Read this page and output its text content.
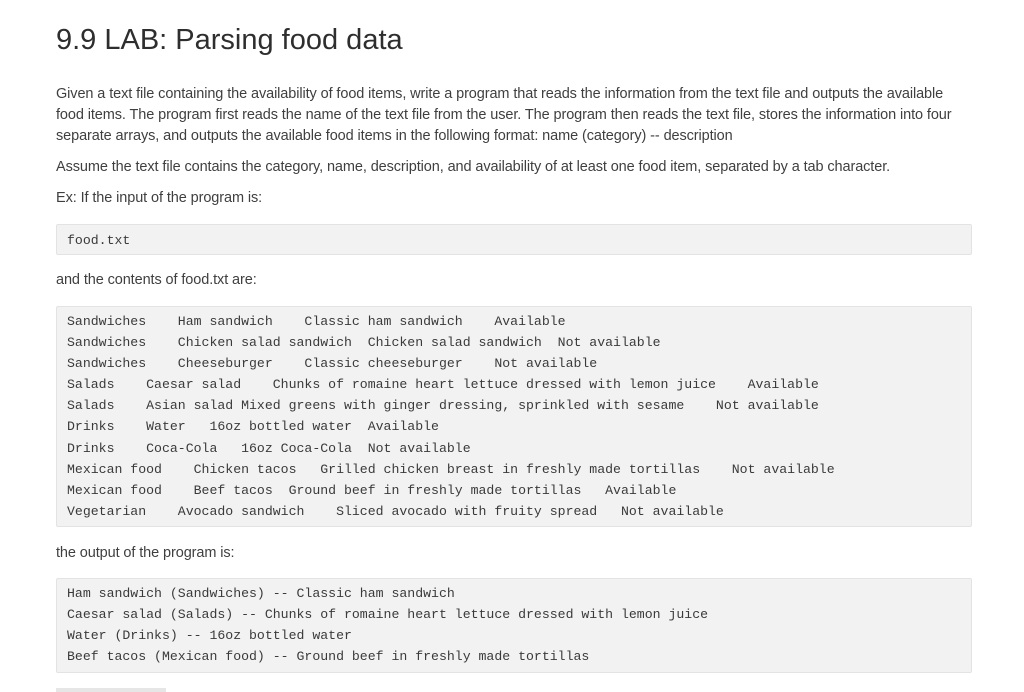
9.9 LAB: Parsing food data

Given a text file containing the availability of food items, write a program that reads the information from the text file and outputs the available food items. The program first reads the name of the text file from the user. The program then reads the text file, stores the information into four separate arrays, and outputs the available food items in the following format: name (category) -- description

Assume the text file contains the category, name, description, and availability of at least one food item, separated by a tab character.

Ex: If the input of the program is:

food.txt

and the contents of food.txt are:

Sandwiches    Ham sandwich    Classic ham sandwich    Available
Sandwiches    Chicken salad sandwich  Chicken salad sandwich  Not available
Sandwiches    Cheeseburger    Classic cheeseburger    Not available
Salads    Caesar salad    Chunks of romaine heart lettuce dressed with lemon juice    Available
Salads    Asian salad Mixed greens with ginger dressing, sprinkled with sesame    Not available
Drinks    Water   16oz bottled water  Available
Drinks    Coca-Cola   16oz Coca-Cola  Not available
Mexican food    Chicken tacos   Grilled chicken breast in freshly made tortillas    Not available
Mexican food    Beef tacos  Ground beef in freshly made tortillas   Available
Vegetarian    Avocado sandwich    Sliced avocado with fruity spread   Not available

the output of the program is:

Ham sandwich (Sandwiches) -- Classic ham sandwich
Caesar salad (Salads) -- Chunks of romaine heart lettuce dressed with lemon juice
Water (Drinks) -- 16oz bottled water
Beef tacos (Mexican food) -- Ground beef in freshly made tortillas
